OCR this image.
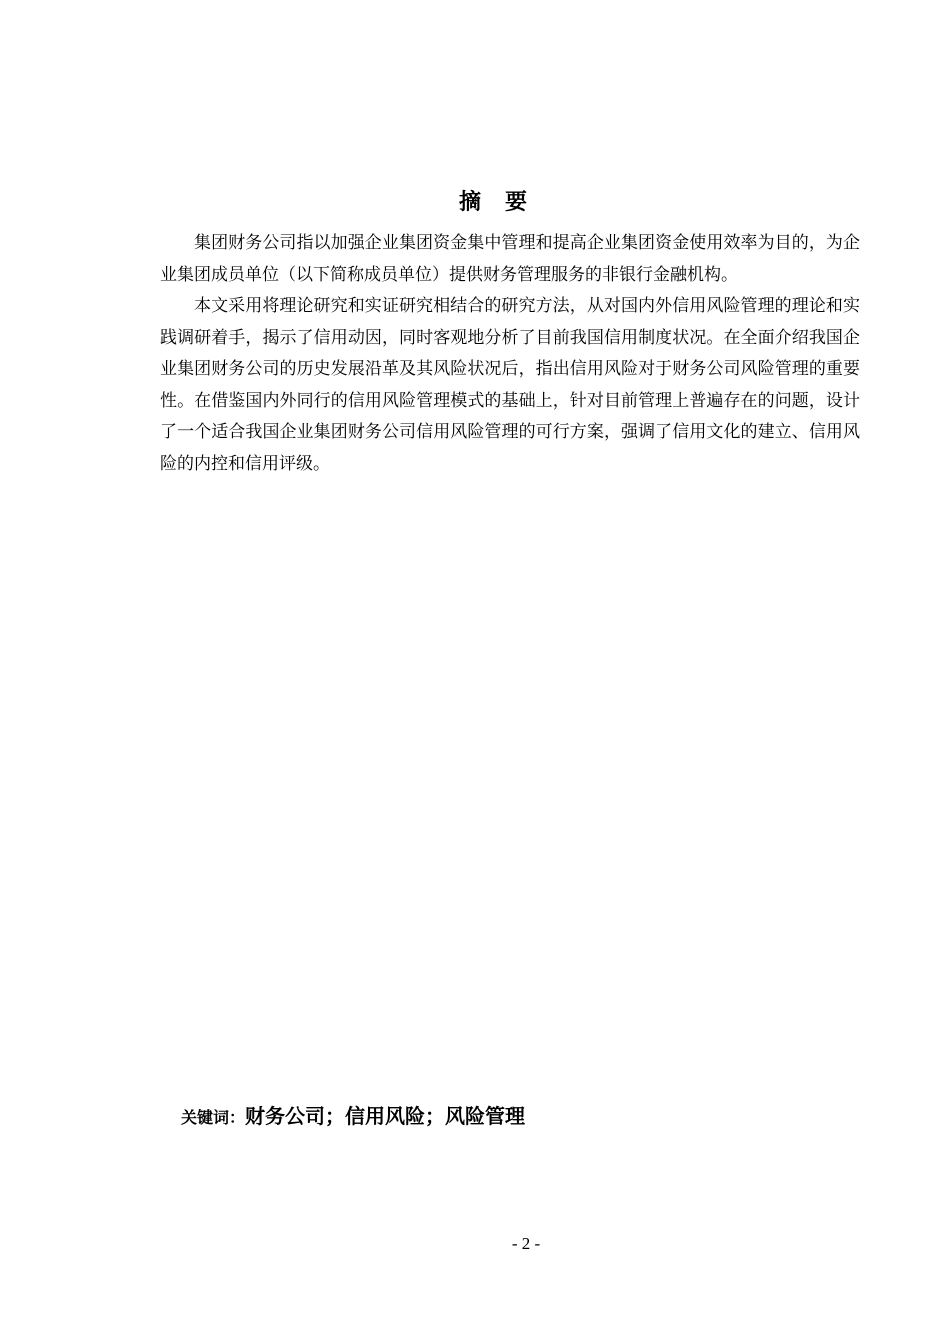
摘要

集团财务公司指以加强企业集团资金集中管理和提高企业集团资金使用效率为目的，为企业集团成员单位（以下简称成员单位）提供财务管理服务的非银行金融机构。

本文采用将理论研究和实证研究相结合的研究方法，从对国内外信用风险管理的理论和实践调研着手，揭示了信用动因，同时客观地分析了目前我国信用制度状况。在全面介绍我国企业集团财务公司的历史发展沿革及其风险状况后，指出信用风险对于财务公司风险管理的重要性。在借鉴国内外同行的信用风险管理模式的基础上，针对目前管理上普遍存在的问题，设计了一个适合我国企业集团财务公司信用风险管理的可行方案，强调了信用文化的建立、信用风险的内控和信用评级。

关键词：财务公司；信用风险；风险管理
- 2 -
